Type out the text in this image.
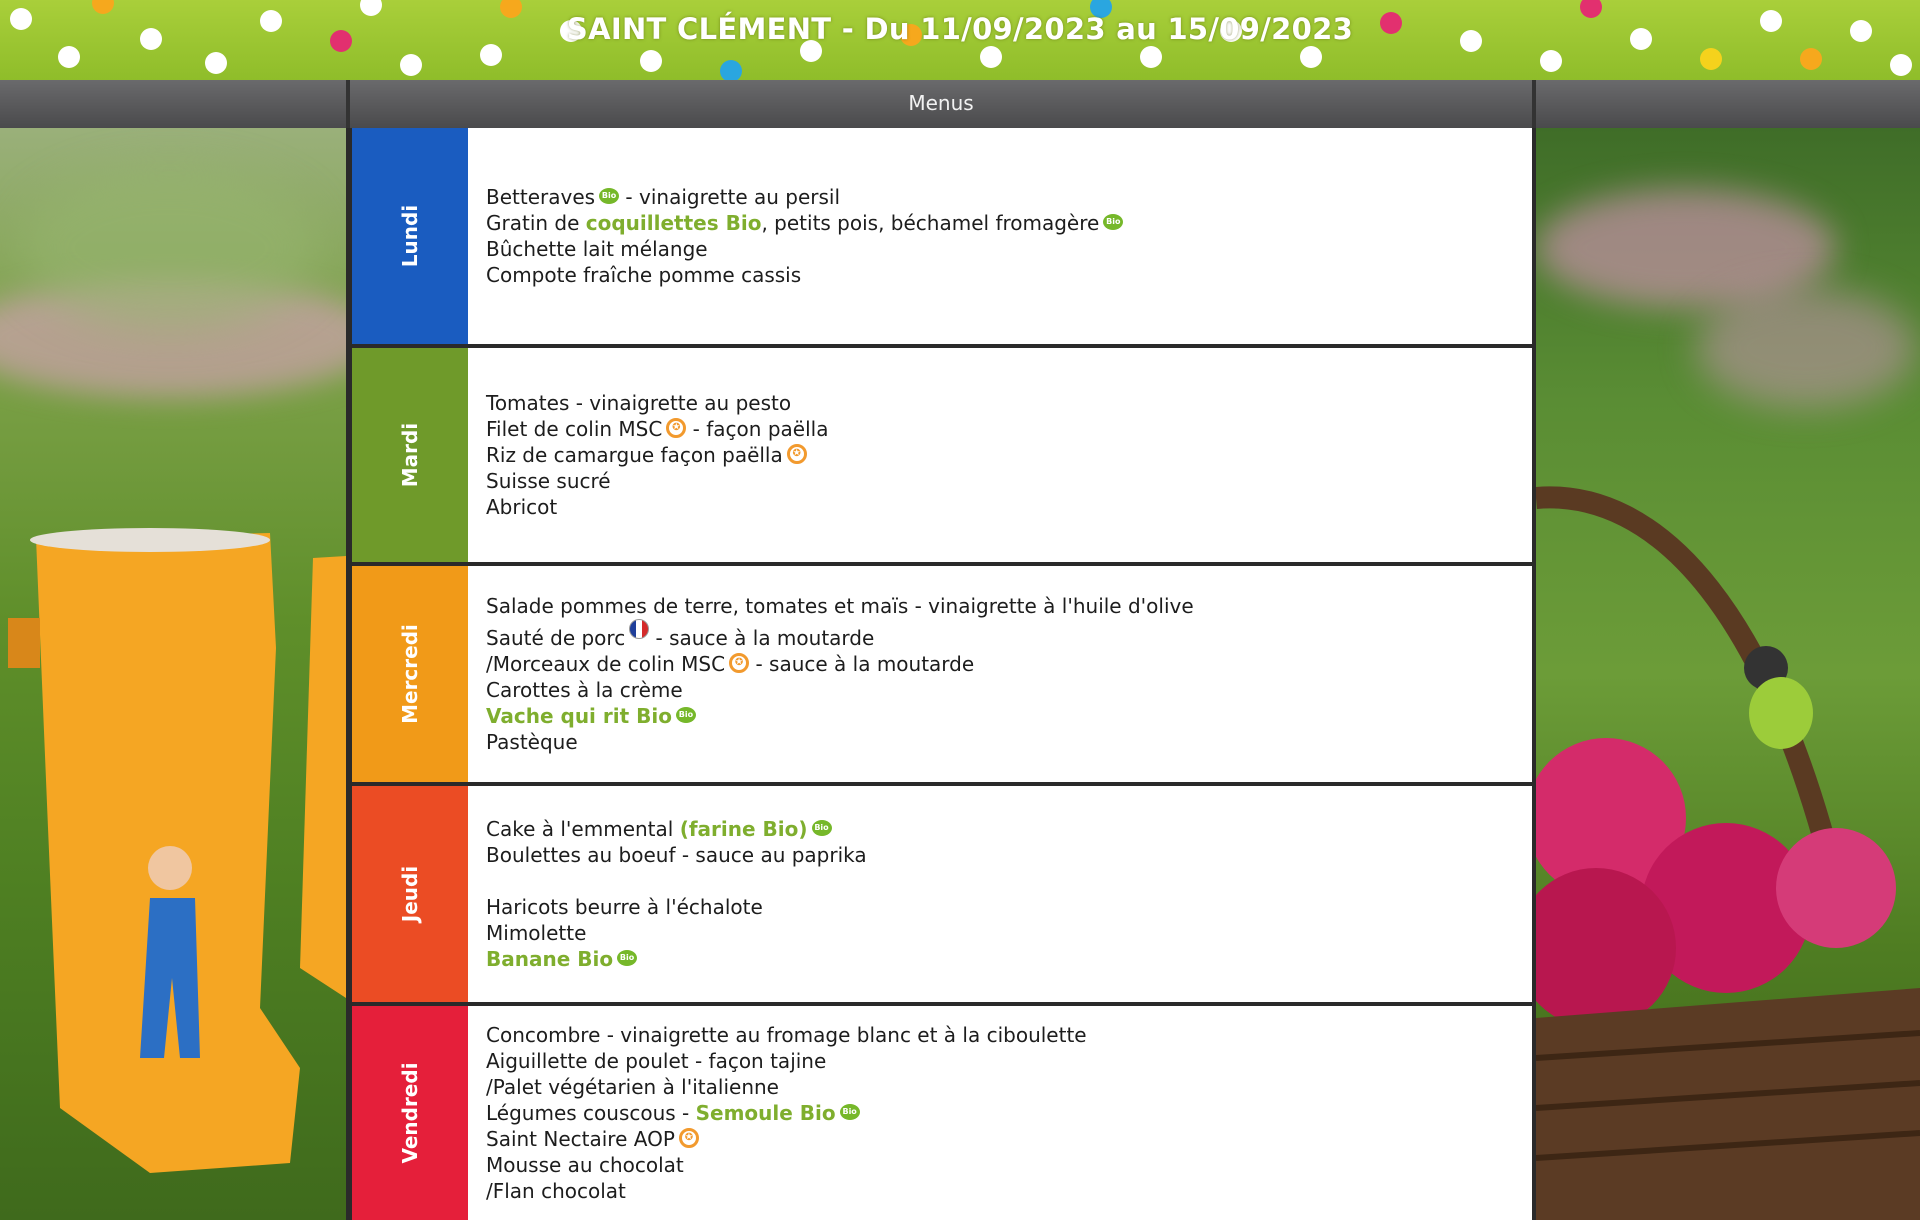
SAINT CLÉMENT - Du 11/09/2023 au 15/09/2023
Menus
Lundi
Betteraves Bio - vinaigrette au persil
Gratin de coquillettes Bio, petits pois, béchamel fromagère Bio
Bûchette lait mélange
Compote fraîche pomme cassis
Mardi
Tomates - vinaigrette au pesto
Filet de colin MSC ✪ - façon paëlla
Riz de camargue façon paëlla ✪
Suisse sucré
Abricot
Mercredi
Salade pommes de terre, tomates et maïs - vinaigrette à l'huile d'olive
Sauté de porc - sauce à la moutarde
/Morceaux de colin MSC ✪ - sauce à la moutarde
Carottes à la crème
Vache qui rit Bio Bio
Pastèque
Jeudi
Cake à l'emmental (farine Bio) Bio
Boulettes au boeuf - sauce au paprika

Haricots beurre à l'échalote
Mimolette
Banane Bio Bio
Vendredi
Concombre - vinaigrette au fromage blanc et à la ciboulette
Aiguillette de poulet - façon tajine
/Palet végétarien à l'italienne
Légumes couscous - Semoule Bio Bio
Saint Nectaire AOP ✪
Mousse au chocolat
/Flan chocolat
